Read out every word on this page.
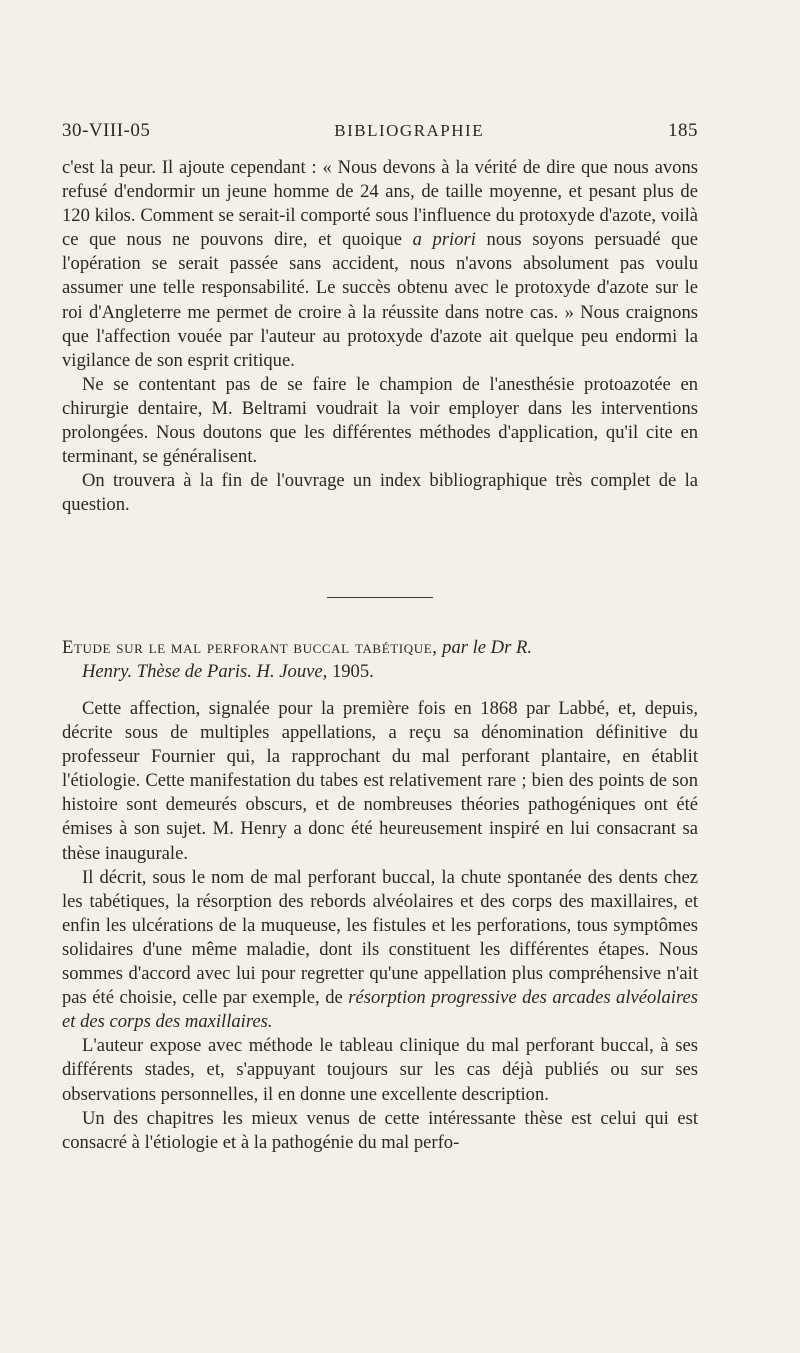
30-VIII-05	BIBLIOGRAPHIE	185

c'est la peur. Il ajoute cependant : « Nous devons à la vérité de dire que nous avons refusé d'endormir un jeune homme de 24 ans, de taille moyenne, et pesant plus de 120 kilos. Comment se serait-il comporté sous l'influence du protoxyde d'azote, voilà ce que nous ne pouvons dire, et quoique a priori nous soyons persuadé que l'opération se serait passée sans accident, nous n'avons absolument pas voulu assumer une telle responsabilité. Le succès obtenu avec le protoxyde d'azote sur le roi d'Angleterre me permet de croire à la réussite dans notre cas. » Nous craignons que l'affection vouée par l'auteur au protoxyde d'azote ait quelque peu endormi la vigilance de son esprit critique.

Ne se contentant pas de se faire le champion de l'anesthésie protoazotée en chirurgie dentaire, M. Beltrami voudrait la voir employer dans les interventions prolongées. Nous doutons que les différentes méthodes d'application, qu'il cite en terminant, se généralisent.

On trouvera à la fin de l'ouvrage un index bibliographique très complet de la question.

Etude sur le mal perforant buccal tabétique, par le Dr R.
Henry. Thèse de Paris. H. Jouve, 1905.

Cette affection, signalée pour la première fois en 1868 par Labbé, et, depuis, décrite sous de multiples appellations, a reçu sa dénomination définitive du professeur Fournier qui, la rapprochant du mal perforant plantaire, en établit l'étiologie. Cette manifestation du tabes est relativement rare ; bien des points de son histoire sont demeurés obscurs, et de nombreuses théories pathogéniques ont été émises à son sujet. M. Henry a donc été heureusement inspiré en lui consacrant sa thèse inaugurale.

Il décrit, sous le nom de mal perforant buccal, la chute spontanée des dents chez les tabétiques, la résorption des rebords alvéolaires et des corps des maxillaires, et enfin les ulcérations de la muqueuse, les fistules et les perforations, tous symptômes solidaires d'une même maladie, dont ils constituent les différentes étapes. Nous sommes d'accord avec lui pour regretter qu'une appellation plus compréhensive n'ait pas été choisie, celle par exemple, de résorption progressive des arcades alvéolaires et des corps des maxillaires.

L'auteur expose avec méthode le tableau clinique du mal perforant buccal, à ses différents stades, et, s'appuyant toujours sur les cas déjà publiés ou sur ses observations personnelles, il en donne une excellente description.

Un des chapitres les mieux venus de cette intéressante thèse est celui qui est consacré à l'étiologie et à la pathogénie du mal perfo-
